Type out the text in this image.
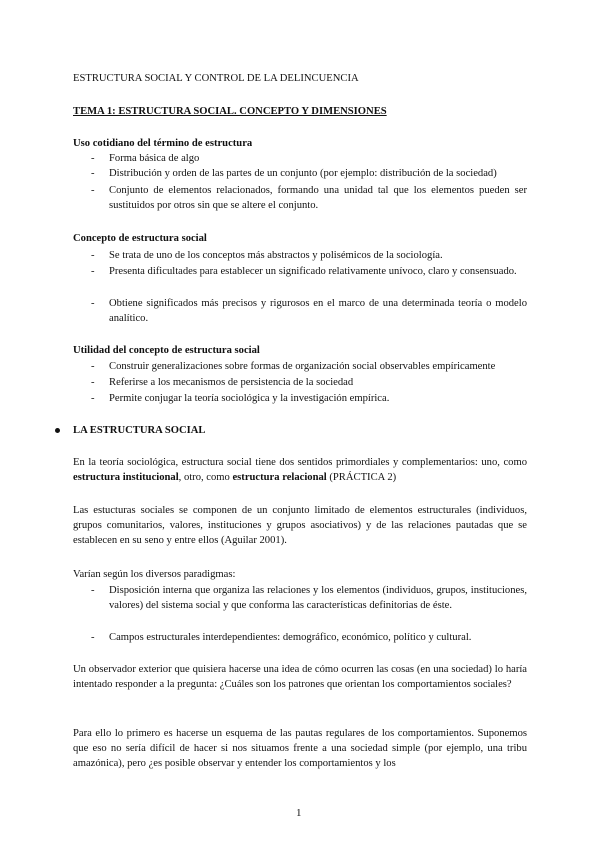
ESTRUCTURA SOCIAL Y CONTROL DE LA DELINCUENCIA

TEMA 1: ESTRUCTURA SOCIAL. CONCEPTO Y DIMENSIONES

Uso cotidiano del término de estructura

- Forma básica de algo

- Distribución y orden de las partes de un conjunto (por ejemplo: distribución de la sociedad)

- Conjunto de elementos relacionados, formando una unidad tal que los elementos pueden ser sustituidos por otros sin que se altere el conjunto.

Concepto de estructura social

- Se trata de uno de los conceptos más abstractos y polisémicos de la sociología.

- Presenta dificultades para establecer un significado relativamente unívoco, claro y consensuado.

- Obtiene significados más precisos y rigurosos en el marco de una determinada teoría o modelo analítico.

Utilidad del concepto de estructura social

- Construir generalizaciones sobre formas de organización social observables empíricamente

- Referirse a los mecanismos de persistencia de la sociedad

- Permite conjugar la teoría sociológica y la investigación empírica.

LA ESTRUCTURA SOCIAL

En la teoría sociológica, estructura social tiene dos sentidos primordiales y complementarios: uno, como estructura institucional, otro, como estructura relacional (PRÁCTICA 2)

Las estucturas sociales se componen de un conjunto limitado de elementos estructurales (individuos, grupos comunitarios, valores, instituciones y grupos asociativos) y de las relaciones pautadas que se establecen en su seno y entre ellos (Aguilar 2001).

Varían según los diversos paradigmas:

- Disposición interna que organiza las relaciones y los elementos (individuos, grupos, instituciones, valores) del sistema social y que conforma las características definitorias de éste.

- Campos estructurales interdependientes: demográfico, económico, político y cultural.

Un observador exterior que quisiera hacerse una idea de cómo ocurren las cosas (en una sociedad) lo haría intentado responder a la pregunta: ¿Cuáles son los patrones que orientan los comportamientos sociales?

Para ello lo primero es hacerse un esquema de las pautas regulares de los comportamientos. Suponemos que eso no sería difícil de hacer si nos situamos frente a una sociedad simple (por ejemplo, una tribu amazónica), pero ¿es posible observar y entender los comportamientos y los

1
